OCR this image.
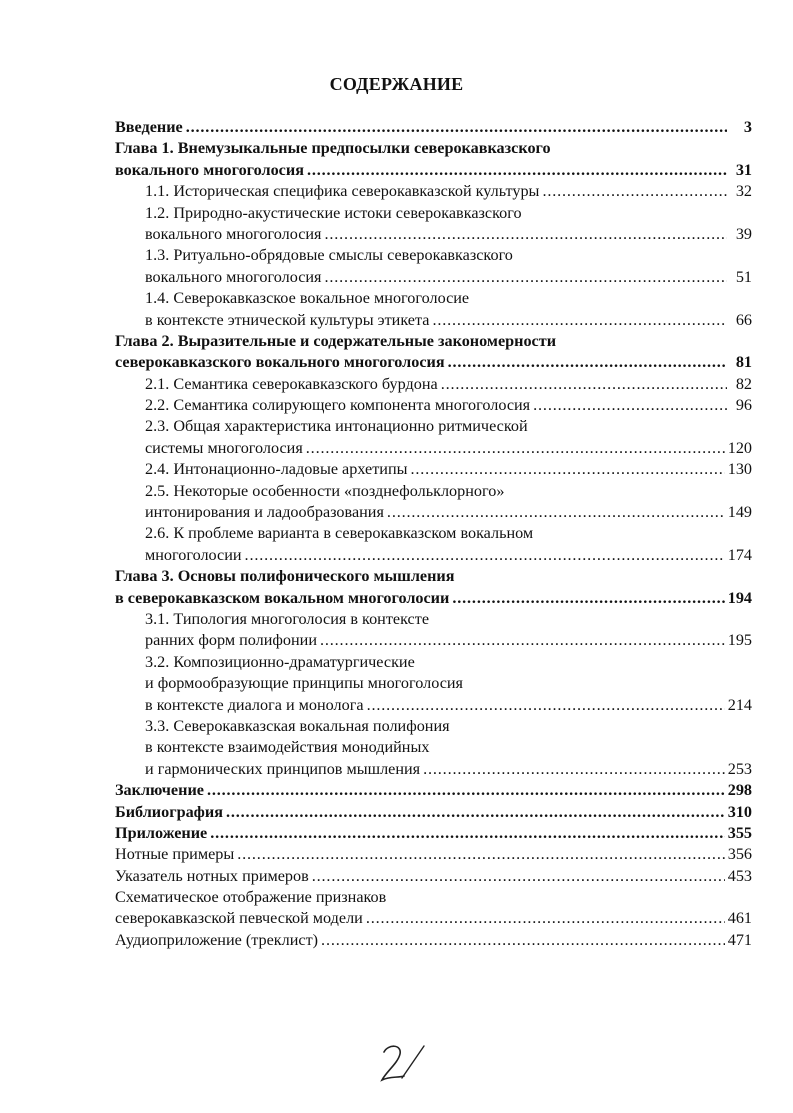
СОДЕРЖАНИЕ
Введение . . .	3
Глава 1. Внемузыкальные предпосылки северокавказского
вокального многоголосия . . .	31
1.1. Историческая специфика северокавказской культуры . . .	32
1.2. Природно-акустические истоки северокавказского
вокального многоголосия . . .	39
1.3. Ритуально-обрядовые смыслы северокавказского
вокального многоголосия . . .	51
1.4. Северокавказское вокальное многоголосие
в контексте этнической культуры этикета . . .	66
Глава 2. Выразительные и содержательные закономерности
северокавказского вокального многоголосия . . .	81
2.1. Семантика северокавказского бурдона . . .	82
2.2. Семантика солирующего компонента многоголосия . . .	96
2.3. Общая характеристика интонационно ритмической
системы многоголосия . . .	120
2.4. Интонационно-ладовые архетипы . . .	130
2.5. Некоторые особенности «позднефольклорного»
интонирования и ладообразования . . .	149
2.6. К проблеме варианта в северокавказском вокальном
многоголосии . . .	174
Глава 3. Основы полифонического мышления
в северокавказском вокальном многоголосии . . .	194
3.1. Типология многоголосия в контексте
ранних форм полифонии . . .	195
3.2. Композиционно-драматургические
и формообразующие принципы многоголосия
в контексте диалога и монолога . . .	214
3.3. Северокавказская вокальная полифония
в контексте взаимодействия монодийных
и гармонических принципов мышления . . .	253
Заключение . . .	298
Библиография . . .	310
Приложение . . .	355
Нотные примеры . . .	356
Указатель нотных примеров . . .	453
Схематическое отображение признаков
северокавказской певческой модели . . .	461
Аудиоприложение (треклист) . . .	471
